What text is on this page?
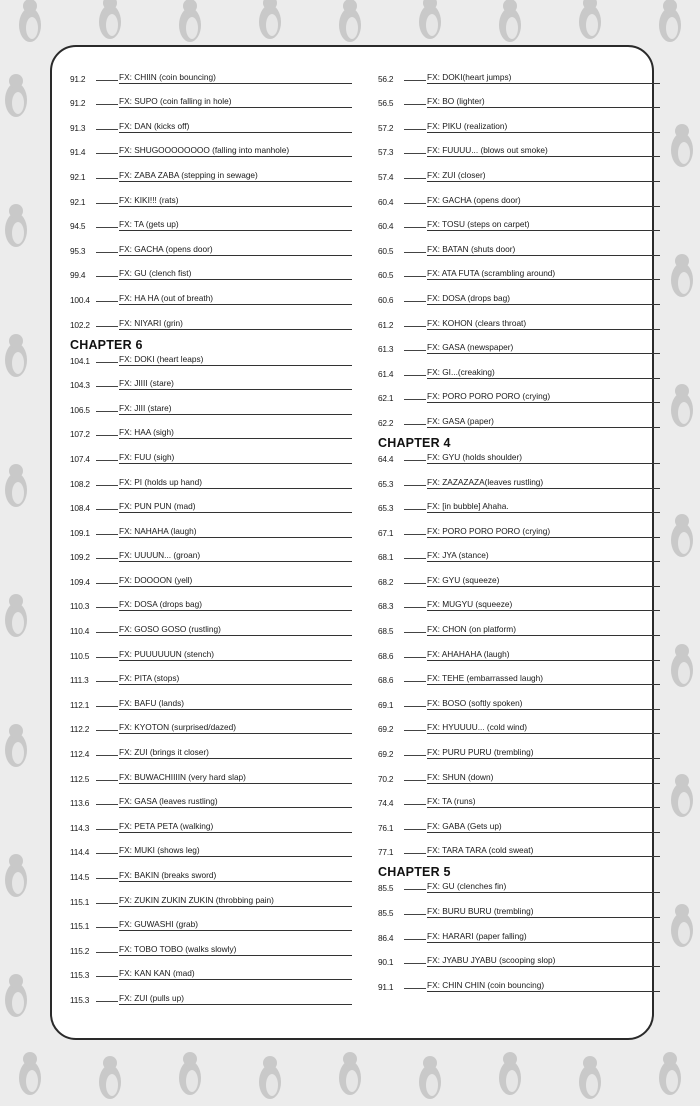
91.2	FX: CHIIN (coin bouncing)
91.2	FX: SUPO (coin falling in hole)
91.3	FX: DAN (kicks off)
91.4	FX: SHUGOOOOOOOO (falling into manhole)
92.1	FX: ZABA ZABA (stepping in sewage)
92.1	FX: KIKI!!! (rats)
94.5	FX: TA (gets up)
95.3	FX: GACHA (opens door)
99.4	FX: GU (clench fist)
100.4	FX: HA HA (out of breath)
102.2	FX: NIYARI (grin)
CHAPTER 6
104.1	FX: DOKI (heart leaps)
104.3	FX: JIIII (stare)
106.5	FX: JIII (stare)
107.2	FX: HAA (sigh)
107.4	FX: FUU (sigh)
108.2	FX: PI (holds up hand)
108.4	FX: PUN PUN (mad)
109.1	FX: NAHAHA (laugh)
109.2	FX: UUUUN... (groan)
109.4	FX: DOOOON (yell)
110.3	FX: DOSA (drops bag)
110.4	FX: GOSO GOSO (rustling)
110.5	FX: PUUUUUUN (stench)
111.3	FX: PITA (stops)
112.1	FX: BAFU (lands)
112.2	FX: KYOTON (surprised/dazed)
112.4	FX: ZUI (brings it closer)
112.5	FX: BUWACHIIIIN (very hard slap)
113.6	FX: GASA (leaves rustling)
114.3	FX: PETA PETA (walking)
114.4	FX: MUKI (shows leg)
114.5	FX: BAKIN (breaks sword)
115.1	FX: ZUKIN ZUKIN ZUKIN (throbbing pain)
115.1	FX: GUWASHI (grab)
115.2	FX: TOBO TOBO (walks slowly)
115.3	FX: KAN KAN (mad)
115.3	FX: ZUI (pulls up)
56.2	FX: DOKI(heart jumps)
56.5	FX: BO (lighter)
57.2	FX: PIKU (realization)
57.3	FX: FUUUU... (blows out smoke)
57.4	FX: ZUI (closer)
60.4	FX: GACHA (opens door)
60.4	FX: TOSU (steps on carpet)
60.5	FX: BATAN (shuts door)
60.5	FX: ATA FUTA (scrambling around)
60.6	FX: DOSA (drops bag)
61.2	FX: KOHON (clears throat)
61.3	FX: GASA (newspaper)
61.4	FX: GI...(creaking)
62.1	FX: PORO PORO PORO (crying)
62.2	FX: GASA (paper)
CHAPTER 4
64.4	FX: GYU (holds shoulder)
65.3	FX: ZAZAZAZA(leaves rustling)
65.3	FX: [in bubble] Ahaha.
67.1	FX: PORO PORO PORO (crying)
68.1	FX: JYA (stance)
68.2	FX: GYU (squeeze)
68.3	FX: MUGYU (squeeze)
68.5	FX: CHON (on platform)
68.6	FX: AHAHAHA (laugh)
68.6	FX: TEHE (embarrassed laugh)
69.1	FX: BOSO (softly spoken)
69.2	FX: HYUUUU... (cold wind)
69.2	FX: PURU PURU (trembling)
70.2	FX: SHUN (down)
74.4	FX: TA (runs)
76.1	FX: GABA (Gets up)
77.1	FX: TARA TARA (cold sweat)
CHAPTER 5
85.5	FX: GU (clenches fin)
85.5	FX: BURU BURU (trembling)
86.4	FX: HARARI (paper falling)
90.1	FX: JYABU JYABU (scooping slop)
91.1	FX: CHIN CHIN (coin bouncing)
